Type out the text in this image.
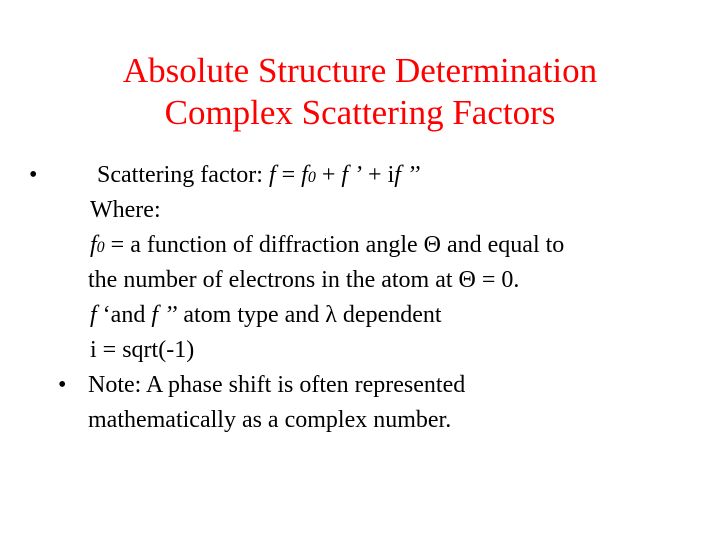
Absolute Structure Determination
Complex Scattering Factors
• Scattering factor: f = f0 + f ’ + if ’’
Where:
f0 = a function of diffraction angle Θ and equal to
the number of electrons in the atom at Θ = 0.
f ‘and f ’’ atom type and λ dependent
i = sqrt(-1)
• Note: A phase shift is often represented
mathematically as a complex number.
